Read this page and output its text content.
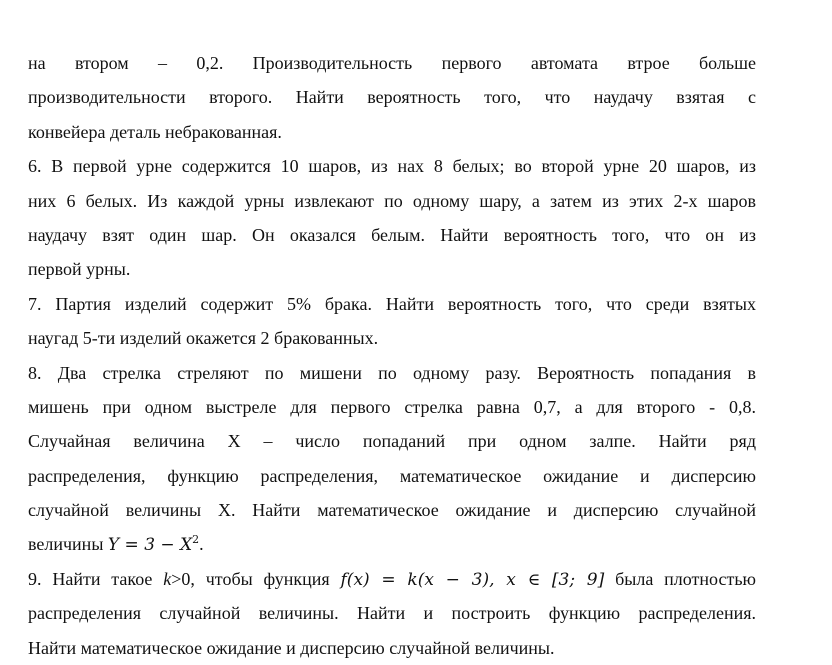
на втором – 0,2. Производительность первого автомата втрое больше
производительности второго. Найти вероятность того, что наудачу взятая с
конвейера деталь небракованная.
6. В первой урне содержится 10 шаров, из нах 8 белых; во второй урне 20 шаров, из
них 6 белых. Из каждой урны извлекают по одному шару, а затем из этих 2-х шаров
наудачу взят один шар. Он оказался белым. Найти вероятность того, что он из
первой урны.
7. Партия изделий содержит 5% брака. Найти вероятность того, что среди взятых
наугад 5-ти изделий окажется 2 бракованных.
8. Два стрелка стреляют по мишени по одному разу. Вероятность попадания в
мишень при одном выстреле для первого стрелка равна 0,7, а для второго - 0,8.
Случайная величина Х – число попаданий при одном залпе. Найти ряд
распределения, функцию распределения, математическое ожидание и дисперсию
случайной величины Х. Найти математическое ожидание и дисперсию случайной
величины $Y = 3 - X^2$.
9. Найти такое k>0, чтобы функция f(x) = k(x − 3), x ∈ [3; 9] была плотностью
распределения случайной величины. Найти и построить функцию распределения.
Найти математическое ожидание и дисперсию случайной величины.
